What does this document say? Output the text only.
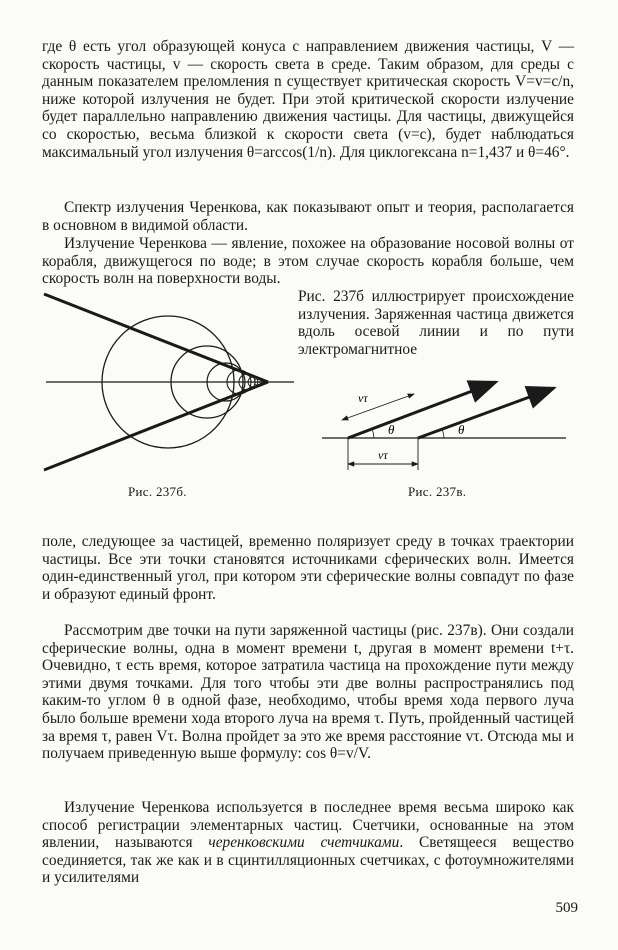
где θ есть угол образующей конуса с направлением движения частицы, V — скорость частицы, v — скорость света в среде. Таким образом, для среды с данным показателем преломления n существует критическая скорость V=v=c/n, ниже которой излучения не будет. При этой критической скорости излучение будет параллельно направлению движения частицы. Для частицы, движущейся со скоростью, весьма близкой к скорости света (v=c), будет наблюдаться максимальный угол излучения θ=arccos(1/n). Для циклогексана n=1,437 и θ=46°.

Спектр излучения Черенкова, как показывают опыт и теория, располагается в основном в видимой области.

Излучение Черенкова — явление, похожее на образование носовой волны от корабля, движущегося по воде; в этом случае скорость корабля больше, чем скорость волн на поверхности воды.

Рис. 237б иллюстрирует происхождение излучения. Заряженная частица движется вдоль осевой линии и по пути электромагнитное

Рис. 237б.
vτ
vτ
θ	θ
Рис. 237в.

поле, следующее за частицей, временно поляризует среду в точках траектории частицы. Все эти точки становятся источниками сферических волн. Имеется один-единственный угол, при котором эти сферические волны совпадут по фазе и образуют единый фронт.

Рассмотрим две точки на пути заряженной частицы (рис. 237в). Они создали сферические волны, одна в момент времени t, другая в момент времени t+τ. Очевидно, τ есть время, которое затратила частица на прохождение пути между этими двумя точками. Для того чтобы эти две волны распространялись под каким-то углом θ в одной фазе, необходимо, чтобы время хода первого луча было больше времени хода второго луча на время τ. Путь, пройденный частицей за время τ, равен Vτ. Волна пройдет за это же время расстояние vτ. Отсюда мы и получаем приведенную выше формулу: cos θ=v/V.

Излучение Черенкова используется в последнее время весьма широко как способ регистрации элементарных частиц. Счетчики, основанные на этом явлении, называются черенковскими счетчиками. Светящееся вещество соединяется, так же как и в сцинтилляционных счетчиках, с фотоумножителями и усилителями

509
